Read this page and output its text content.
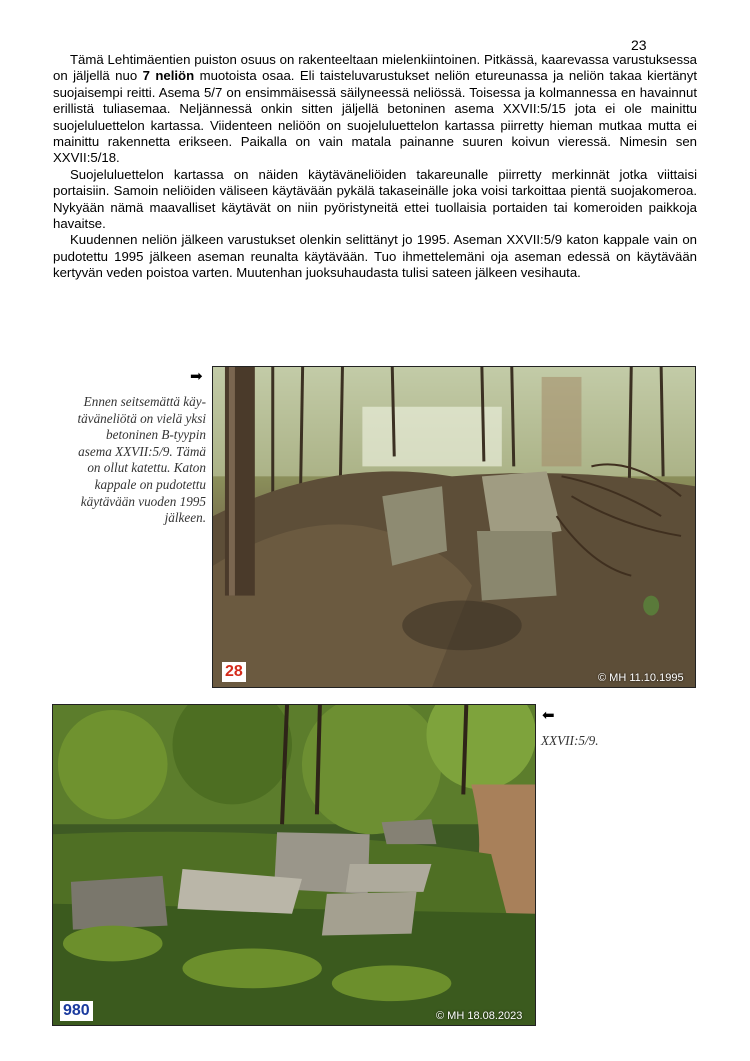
23

Tämä Lehtimäentien puiston osuus on rakenteeltaan mielenkiintoinen. Pitkässä, kaarevassa varustuksessa on jäljellä nuo 7 neliön muotoista osaa. Eli taisteluvarustukset neliön etureunassa ja neliön takaa kiertänyt suojaisempi reitti. Asema 5/7 on ensimmäisessä säilyneessä neliössä. Toisessa ja kolmannessa en havainnut erillistä tuliasemaa. Neljännessä onkin sitten jäljellä betoninen asema XXVII:5/15 jota ei ole mainittu suojeluluettelon kartassa. Viidenteen neliöön on suojeluluettelon kartassa piirretty hieman mutkaa mutta ei mainittu rakennetta erikseen. Paikalla on vain matala painanne suuren koivun vieressä. Nimesin sen XXVII:5/18.

Suojeluluettelon kartassa on näiden käytäväneliöiden takareunalle piirretty merkinnät jotka viittaisi portaisiin. Samoin neliöiden väliseen käytävään pykälä takaseinälle joka voisi tarkoittaa pientä suojakomeroa. Nykyään nämä maavalliset käytävät on niin pyöristyneitä ettei tuollaisia portaiden tai komeroiden paikkoja havaitse.

Kuudennen neliön jälkeen varustukset olenkin selittänyt jo 1995. Aseman XXVII:5/9 katon kappale vain on pudotettu 1995 jälkeen aseman reunalta käytävään. Tuo ihmettelemäni oja aseman edessä on käytävään kertyvän veden poistoa varten. Muutenhan juoksuhaudasta tulisi sateen jälkeen vesihauta.

➡
Ennen seitsemättä käy-
täväneliötä on vielä yksi
betoninen B-tyypin
asema XXVII:5/9. Tämä
on ollut katettu. Katon
kappale on pudotettu
käytävään vuoden 1995
jälkeen.
28	© MH 11.10.1995
980	© MH 18.08.2023
⬅
XXVII:5/9.
